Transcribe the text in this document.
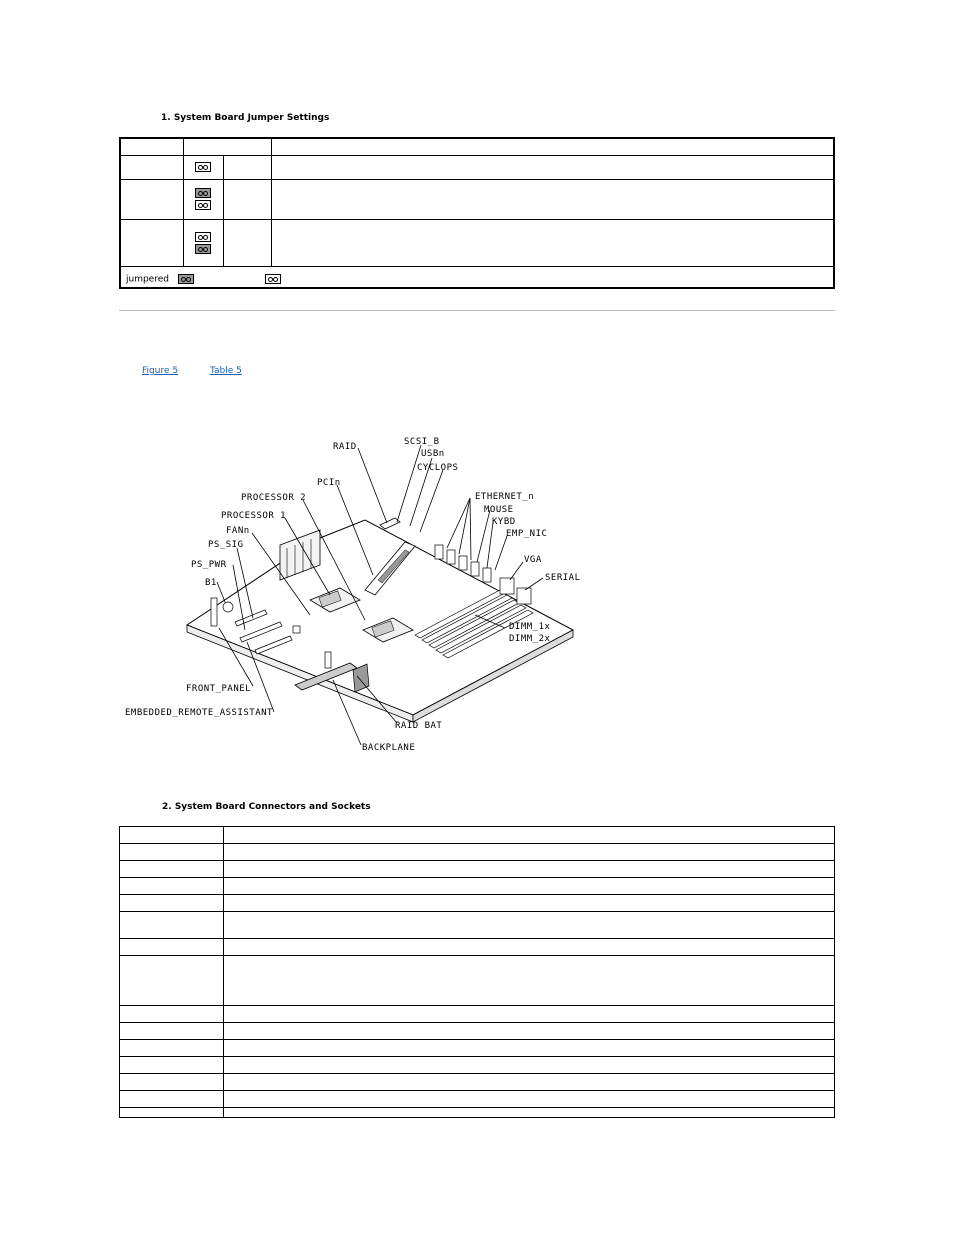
1. System Board Jumper Settings

jumpered			
Figure 5	Table 5
RAID	SCSI_B
USBn
CYCLOPS
PCIn
PROCESSOR 2
PROCESSOR 1
FANn
PS_SIG
PS_PWR
B1
ETHERNET_n
MOUSE
KYBD
EMP_NIC
VGA
SERIAL
DIMM_1x
DIMM_2x
FRONT_PANEL
EMBEDDED_REMOTE_ASSISTANT
RAID BAT
BACKPLANE
2. System Board Connectors and Sockets
